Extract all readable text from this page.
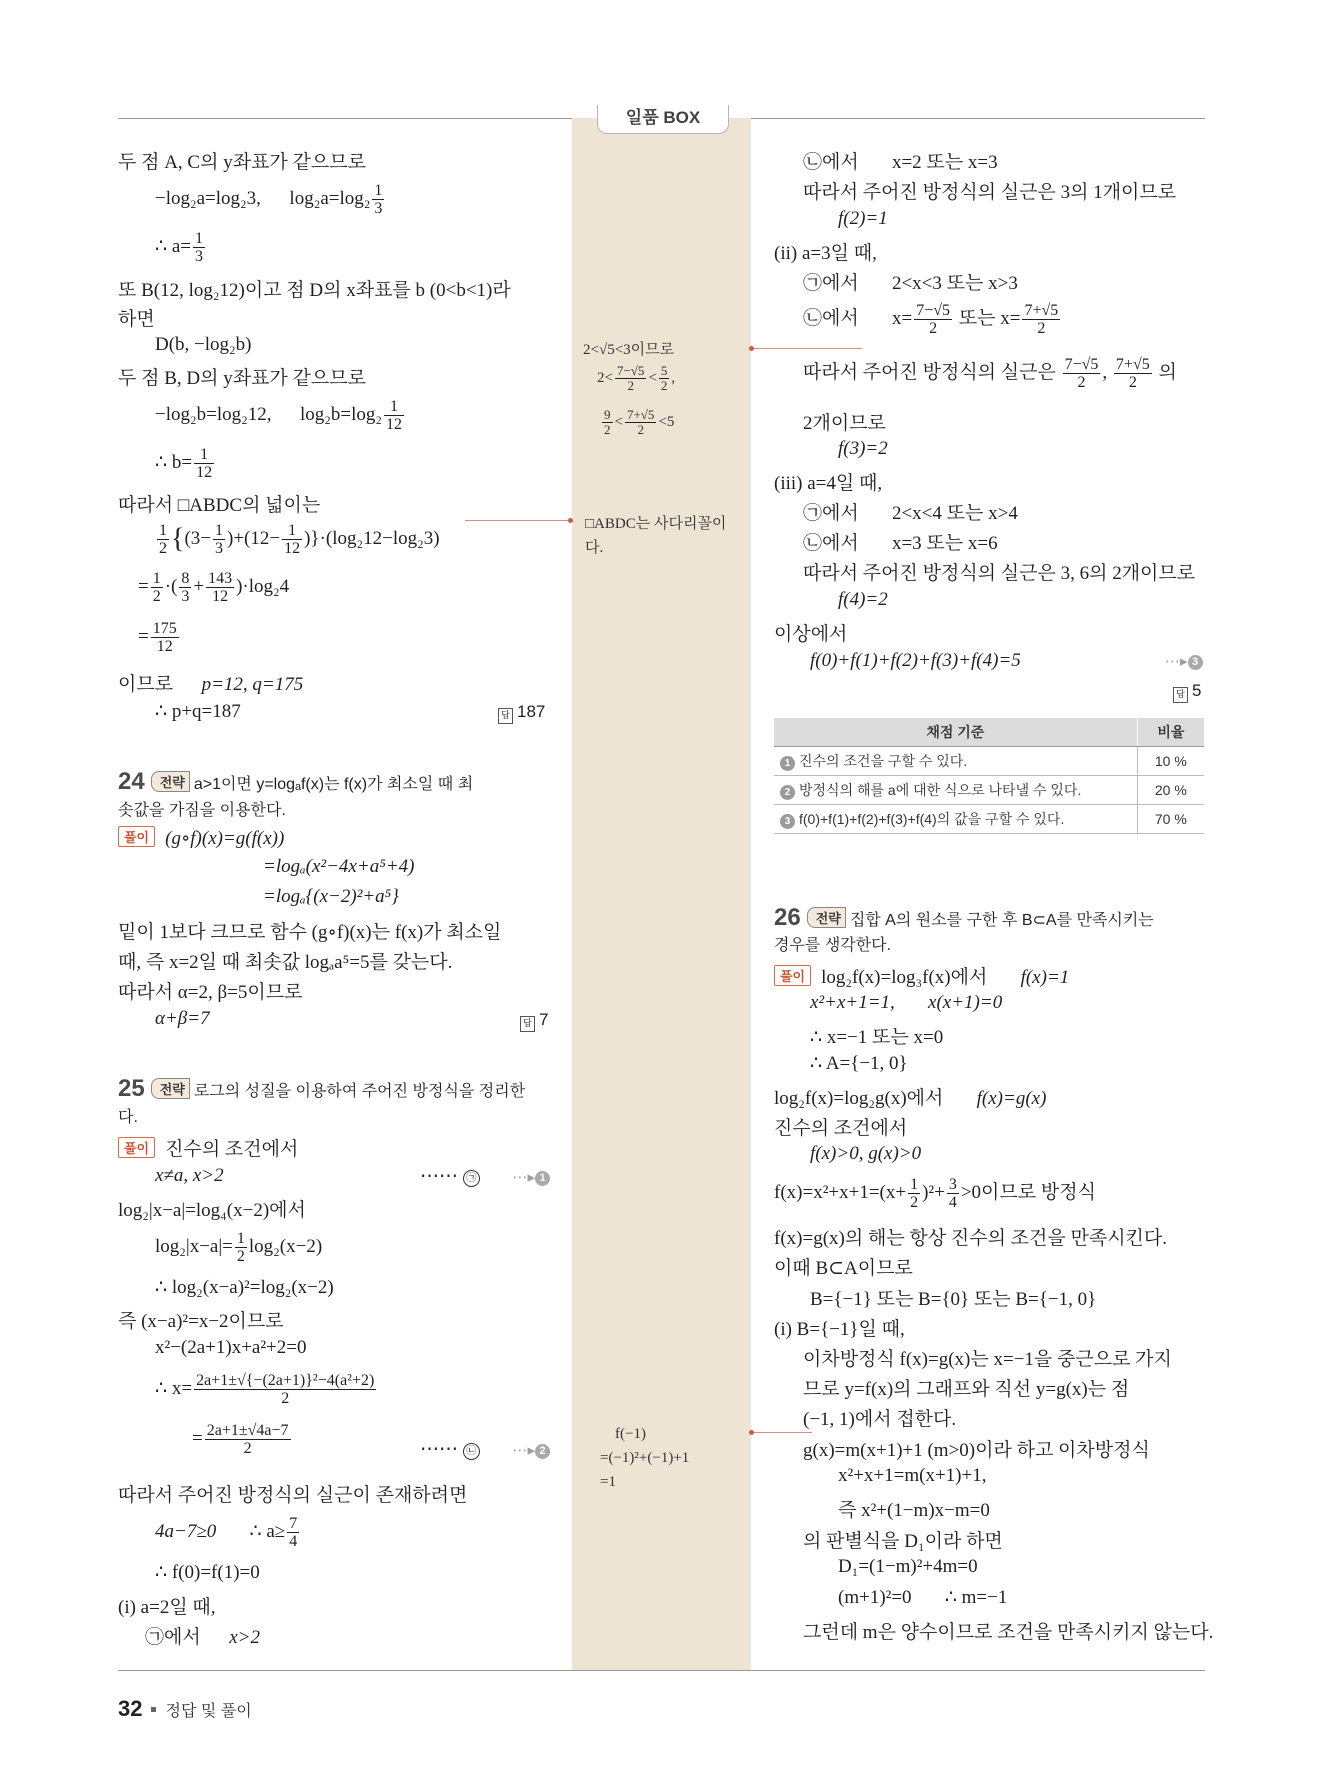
일품 BOX
2<√5<3이므로
$2< \frac{7-√5}{2} < \frac{5}{2}$ ,
$\frac{9}{2} < \frac{7+√5}{2} <5$
□ABDC는 사다리꼴이
다.
f(−1)
=(−1)²+(−1)+1
=1
두 점 A, C의 y좌표가 같으므로
−log₂a=log₂3, $\log_2a=\log_2 \frac{1}{3}$
∴ $a= \frac{1}{3}$
또 B(12, log₂12)이고 점 D의 x좌표를 b (0<b<1)라
하면
D(b, −log₂b)
두 점 B, D의 y좌표가 같으므로
−log₂b=log₂12, $\log_2b=\log_2 \frac{1}{12}$
∴ $b= \frac{1}{12}$
따라서 □ABDC의 넓이는
$\frac{1}{2} \{(3- \frac{1}{3} )+(12- \frac{1}{12} )\}\cdot(\log_212-\log_23)$
= $\frac{1}{2}$ ·( $\frac{8}{3} + \frac{143}{12} )\cdot\log_24$
= $\frac{175}{12}$
이므로 p=12, q=175
∴ p+q=187	답 187
24 전략 a>1이면 y=logₐf(x)는 f(x)가 최소일 때 최
솟값을 가짐을 이용한다.
풀이 (g∘f)(x)=g(f(x))
=logₐ(x²−4x+a⁵+4)
=logₐ{(x−2)²+a⁵}
밑이 1보다 크므로 함수 (g∘f)(x)는 f(x)가 최소일
때, 즉 x=2일 때 최솟값 logₐa⁵=5를 갖는다.
따라서 α=2, β=5이므로
α+β=7	답 7
25 전략 로그의 성질을 이용하여 주어진 방정식을 정리한
다.
풀이 진수의 조건에서
x≠a, x>2	⋯⋯ ㉠ ⋯▸ 1
log₂|x−a|=log₄(x−2)에서
$\log_2|x-a|= \frac{1}{2} \log_2(x-2)$
∴ log₂(x−a)²=log₂(x−2)
즉 (x−a)²=x−2이므로
x²−(2a+1)x+a²+2=0
∴ $x= \frac{\text{2a+1±√\{−(2a+1)\}²−4(a²+2)}}{2}$
= $\frac{2a+1\pm√4a-7}{2}$	⋯⋯ ㉡ ⋯▸ 2
따라서 주어진 방정식의 실근이 존재하려면
4a−7≥0 ∴ $a\ge \frac{7}{4}$
∴ f(0)=f(1)=0
(i) a=2일 때,
㉠에서 x>2
㉡에서 x=2 또는 x=3
따라서 주어진 방정식의 실근은 3의 1개이므로
f(2)=1
(ii) a=3일 때,
㉠에서 2<x<3 또는 x>3
㉡에서 $x= \frac{7-√5}{2}$ 또는 $x= \frac{7+√5}{2}$
따라서 주어진 방정식의 실근은 $\frac{7-√5}{2}$ , $\frac{7+√5}{2}$ 의
2개이므로
f(3)=2
(iii) a=4일 때,
㉠에서 2<x<4 또는 x>4
㉡에서 x=3 또는 x=6
따라서 주어진 방정식의 실근은 3, 6의 2개이므로
f(4)=2
이상에서
f(0)+f(1)+f(2)+f(3)+f(4)=5	⋯▸ 3
답 5
채점 기준	비율
1 진수의 조건을 구할 수 있다.	10 %
2 방정식의 해를 a에 대한 식으로 나타낼 수 있다.	20 %
3 f(0)+f(1)+f(2)+f(3)+f(4)의 값을 구할 수 있다.	70 %
26 전략 집합 A의 원소를 구한 후 B⊂A를 만족시키는
경우를 생각한다.
풀이 log₂f(x)=log₃f(x)에서 f(x)=1
x²+x+1=1, x(x+1)=0
∴ x=−1 또는 x=0
∴ A={−1, 0}
log₂f(x)=log₂g(x)에서 f(x)=g(x)
진수의 조건에서
f(x)>0, g(x)>0
$f(x)=x^2+x+1=(x+ \frac{1}{2} )^2+ \frac{3}{4} >0$이므로 방정식
f(x)=g(x)의 해는 항상 진수의 조건을 만족시킨다.
이때 B⊂A이므로
B={−1} 또는 B={0} 또는 B={−1, 0}
(i) B={−1}일 때,
이차방정식 f(x)=g(x)는 x=−1을 중근으로 가지
므로 y=f(x)의 그래프와 직선 y=g(x)는 점
(−1, 1)에서 접한다.
g(x)=m(x+1)+1 (m>0)이라 하고 이차방정식
x²+x+1=m(x+1)+1,
즉 x²+(1−m)x−m=0
의 판별식을 D₁이라 하면
D₁=(1−m)²+4m=0
(m+1)²=0 ∴ m=−1
그런데 m은 양수이므로 조건을 만족시키지 않는다.
32 정답 및 풀이
